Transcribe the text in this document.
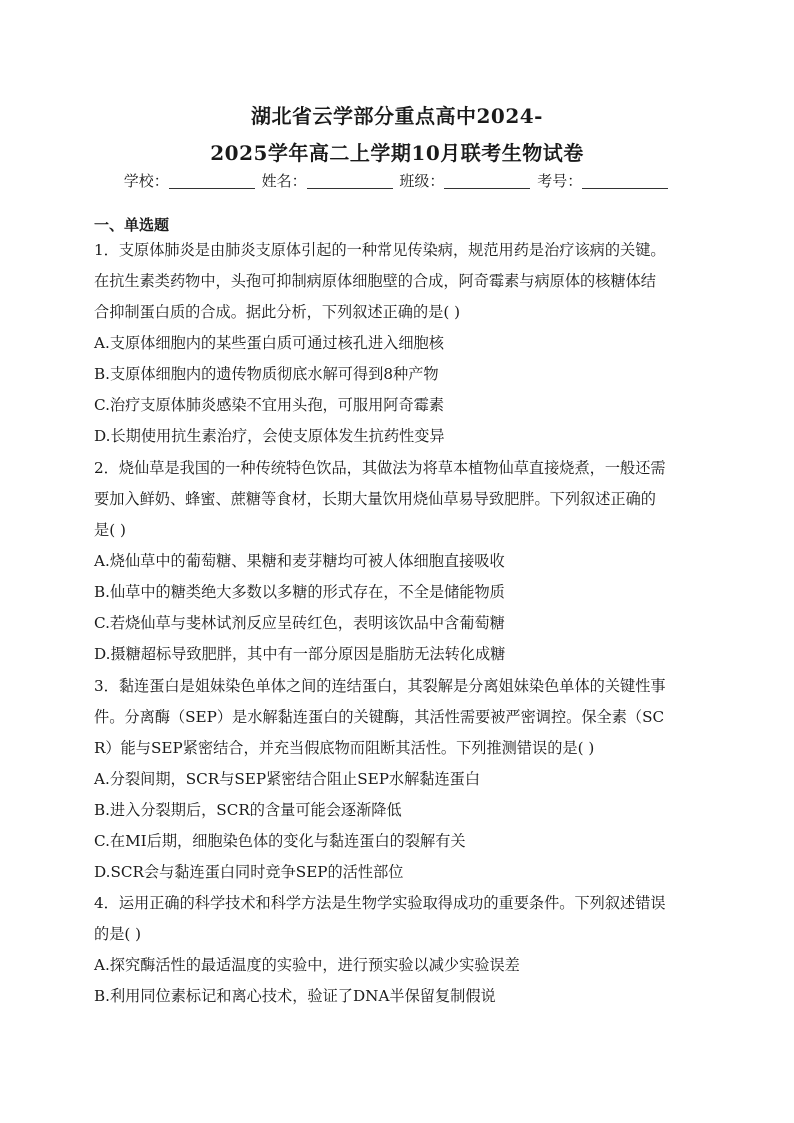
湖北省云学部分重点高中2024-
2025学年高二上学期10月联考生物试卷
学校：	姓名：	班级：	考号：
一、单选题
1．支原体肺炎是由肺炎支原体引起的一种常见传染病，规范用药是治疗该病的关键。
在抗生素类药物中，头孢可抑制病原体细胞壁的合成，阿奇霉素与病原体的核糖体结
合抑制蛋白质的合成。据此分析，下列叙述正确的是( )
A.支原体细胞内的某些蛋白质可通过核孔进入细胞核
B.支原体细胞内的遗传物质彻底水解可得到8种产物
C.治疗支原体肺炎感染不宜用头孢，可服用阿奇霉素
D.长期使用抗生素治疗，会使支原体发生抗药性变异
2．烧仙草是我国的一种传统特色饮品，其做法为将草本植物仙草直接烧煮，一般还需
要加入鲜奶、蜂蜜、蔗糖等食材，长期大量饮用烧仙草易导致肥胖。下列叙述正确的
是( )
A.烧仙草中的葡萄糖、果糖和麦芽糖均可被人体细胞直接吸收
B.仙草中的糖类绝大多数以多糖的形式存在，不全是储能物质
C.若烧仙草与斐林试剂反应呈砖红色，表明该饮品中含葡萄糖
D.摄糖超标导致肥胖，其中有一部分原因是脂肪无法转化成糖
3．黏连蛋白是姐妹染色单体之间的连结蛋白，其裂解是分离姐妹染色单体的关键性事
件。分离酶（SEP）是水解黏连蛋白的关键酶，其活性需要被严密调控。保全素（SC
R）能与SEP紧密结合，并充当假底物而阻断其活性。下列推测错误的是( )
A.分裂间期，SCR与SEP紧密结合阻止SEP水解黏连蛋白
B.进入分裂期后，SCR的含量可能会逐渐降低
C.在MI后期，细胞染色体的变化与黏连蛋白的裂解有关
D.SCR会与黏连蛋白同时竞争SEP的活性部位
4．运用正确的科学技术和科学方法是生物学实验取得成功的重要条件。下列叙述错误
的是( )
A.探究酶活性的最适温度的实验中，进行预实验以减少实验误差
B.利用同位素标记和离心技术，验证了DNA半保留复制假说
